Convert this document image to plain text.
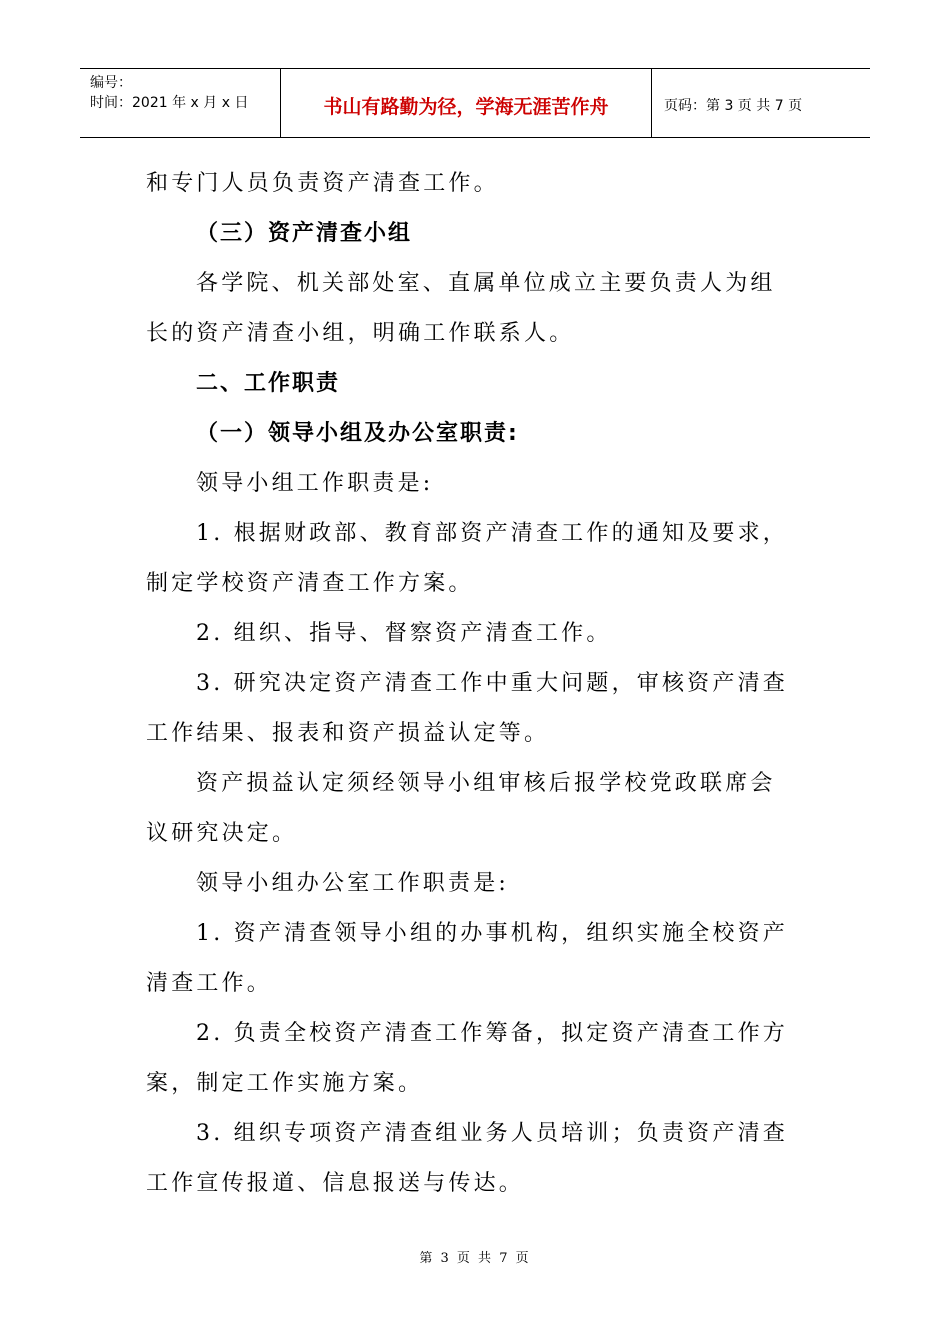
编号：
时间：2021 年 x 月 x 日	书山有路勤为径，学海无涯苦作舟	页码：第 3 页 共 7 页
和专门人员负责资产清查工作。
（三）资产清查小组
各学院、机关部处室、直属单位成立主要负责人为组
长的资产清查小组，明确工作联系人。
二、工作职责
（一）领导小组及办公室职责:
领导小组工作职责是:
1. 根据财政部、教育部资产清查工作的通知及要求，
制定学校资产清查工作方案。
2. 组织、指导、督察资产清查工作。
3. 研究决定资产清查工作中重大问题，审核资产清查
工作结果、报表和资产损益认定等。
资产损益认定须经领导小组审核后报学校党政联席会
议研究决定。
领导小组办公室工作职责是:
1. 资产清查领导小组的办事机构，组织实施全校资产
清查工作。
2. 负责全校资产清查工作筹备，拟定资产清查工作方
案，制定工作实施方案。
3. 组织专项资产清查组业务人员培训；负责资产清查
工作宣传报道、信息报送与传达。
第 3 页 共 7 页
